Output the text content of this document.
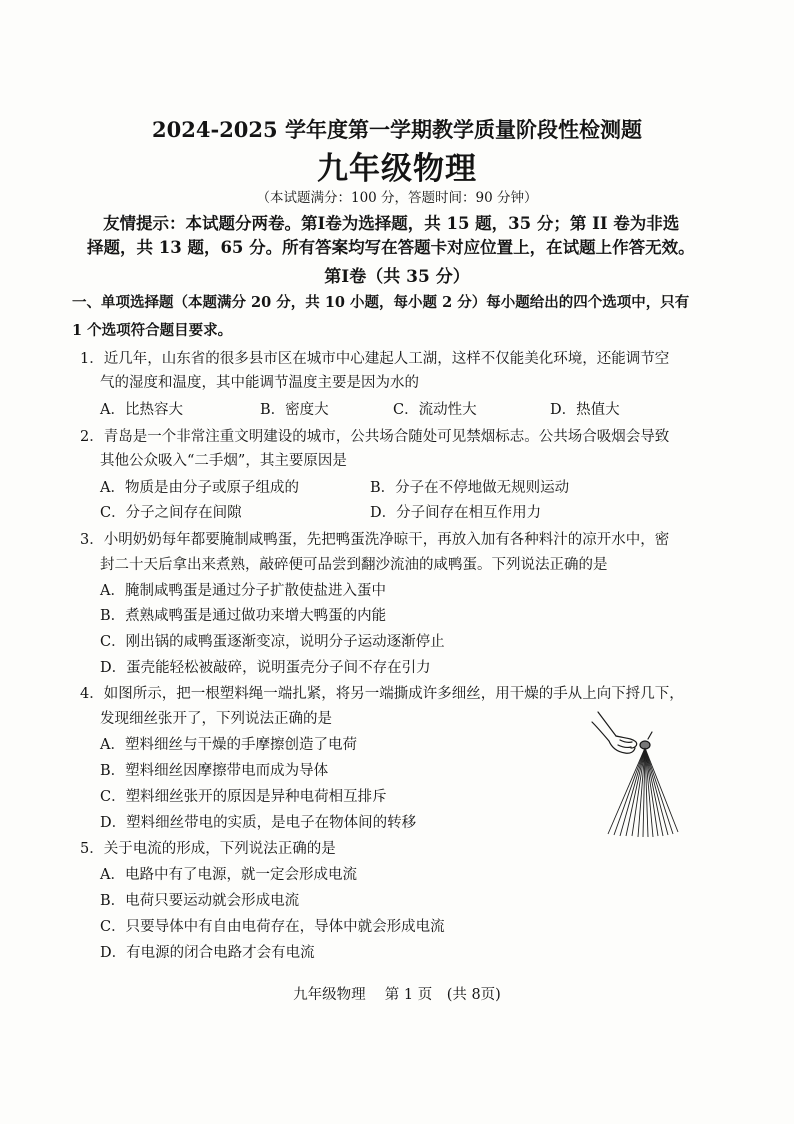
2024-2025 学年度第一学期教学质量阶段性检测题
九年级物理
（本试题满分：100 分，答题时间：90 分钟）
友情提示：本试题分两卷。第Ⅰ卷为选择题，共 15 题，35 分；第 II 卷为非选
择题，共 13 题，65 分。所有答案均写在答题卡对应位置上，在试题上作答无效。
第Ⅰ卷（共 35 分）
一、单项选择题（本题满分 20 分，共 10 小题，每小题 2 分）每小题给出的四个选项中，只有
1 个选项符合题目要求。
1．近几年，山东省的很多县市区在城市中心建起人工湖，这样不仅能美化环境，还能调节空
气的湿度和温度，其中能调节温度主要是因为水的
A．比热容大	B．密度大	C．流动性大	D．热值大
2．青岛是一个非常注重文明建设的城市，公共场合随处可见禁烟标志。公共场合吸烟会导致
其他公众吸入“二手烟”，其主要原因是
A．物质是由分子或原子组成的	B．分子在不停地做无规则运动
C．分子之间存在间隙	D．分子间存在相互作用力
3．小明奶奶每年都要腌制咸鸭蛋，先把鸭蛋洗净晾干，再放入加有各种料汁的凉开水中，密
封二十天后拿出来煮熟，敲碎便可品尝到翻沙流油的咸鸭蛋。下列说法正确的是
A．腌制咸鸭蛋是通过分子扩散使盐进入蛋中
B．煮熟咸鸭蛋是通过做功来增大鸭蛋的内能
C．刚出锅的咸鸭蛋逐渐变凉，说明分子运动逐渐停止
D．蛋壳能轻松被敲碎，说明蛋壳分子间不存在引力
4．如图所示，把一根塑料绳一端扎紧，将另一端撕成许多细丝，用干燥的手从上向下捋几下，
发现细丝张开了，下列说法正确的是
A．塑料细丝与干燥的手摩擦创造了电荷
B．塑料细丝因摩擦带电而成为导体
C．塑料细丝张开的原因是异种电荷相互排斥
D．塑料细丝带电的实质，是电子在物体间的转移
5．关于电流的形成，下列说法正确的是
A．电路中有了电源，就一定会形成电流
B．电荷只要运动就会形成电流
C．只要导体中有自由电荷存在，导体中就会形成电流
D．有电源的闭合电路才会有电流
九年级物理　 第 1 页　(共 8页)
